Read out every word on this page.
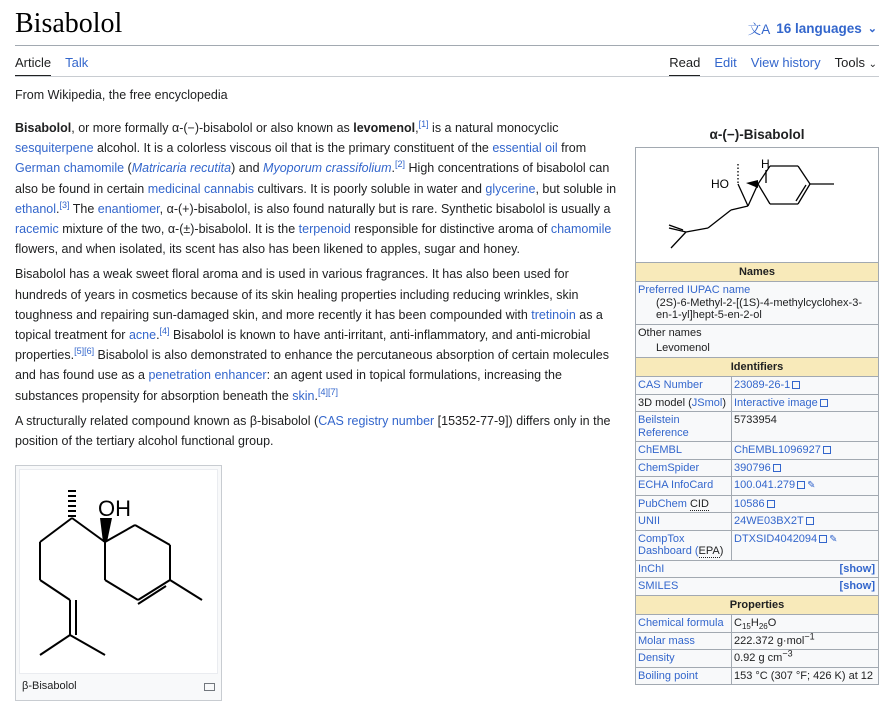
Bisabolol	文A 16 languages ⌄
Article Talk	Read Edit View history Tools ⌄
From Wikipedia, the free encyclopedia

Bisabolol, or more formally α-(−)-bisabolol or also known as levomenol,[1] is a natural monocyclic sesquiterpene alcohol. It is a colorless viscous oil that is the primary constituent of the essential oil from German chamomile (Matricaria recutita) and Myoporum crassifolium.[2] High concentrations of bisabolol can also be found in certain medicinal cannabis cultivars. It is poorly soluble in water and glycerine, but soluble in ethanol.[3] The enantiomer, α-(+)-bisabolol, is also found naturally but is rare. Synthetic bisabolol is usually a racemic mixture of the two, α-(±)-bisabolol. It is the terpenoid responsible for distinctive aroma of chamomile flowers, and when isolated, its scent has also has been likened to apples, sugar and honey.

Bisabolol has a weak sweet floral aroma and is used in various fragrances. It has also been used for hundreds of years in cosmetics because of its skin healing properties including reducing wrinkles, skin toughness and repairing sun-damaged skin, and more recently it has been compounded with tretinoin as a topical treatment for acne.[4] Bisabolol is known to have anti-irritant, anti-inflammatory, and anti-microbial properties.[5][6] Bisabolol is also demonstrated to enhance the percutaneous absorption of certain molecules and has found use as a penetration enhancer: an agent used in topical formulations, increasing the substances propensity for absorption beneath the skin.[4][7]

A structurally related compound known as β-bisabolol (CAS registry number [15352-77-9]) differs only in the position of the tertiary alcohol functional group.

OH
β-Bisabolol
α-(−)-Bisabolol
HO
H	

Names	

Preferred IUPAC name
(2S)-6-Methyl-2-[(1S)-4-methylcyclohex-3-en-1-yl]hept-5-en-2-ol	

Other names
Levomenol	

Identifiers	
CAS Number	23089-26-1
3D model (JSmol)	Interactive image
Beilstein Reference	5733954
ChEMBL	ChEMBL1096927
ChemSpider	390796
ECHA InfoCard	100.041.279 ✎
PubChem CID	10586
UNII	24WE03BX2T
CompTox Dashboard (EPA)	DTXSID4042094 ✎
InChI [show]	

SMILES [show]	

Properties	
Chemical formula	$C_{15}H_{26}O$
Molar mass	222.372 g·mol$^{-1}$
Density	0.92 g $cm^{-3}$
Boiling point	153 °C (307 °F; 426 K) at 12
